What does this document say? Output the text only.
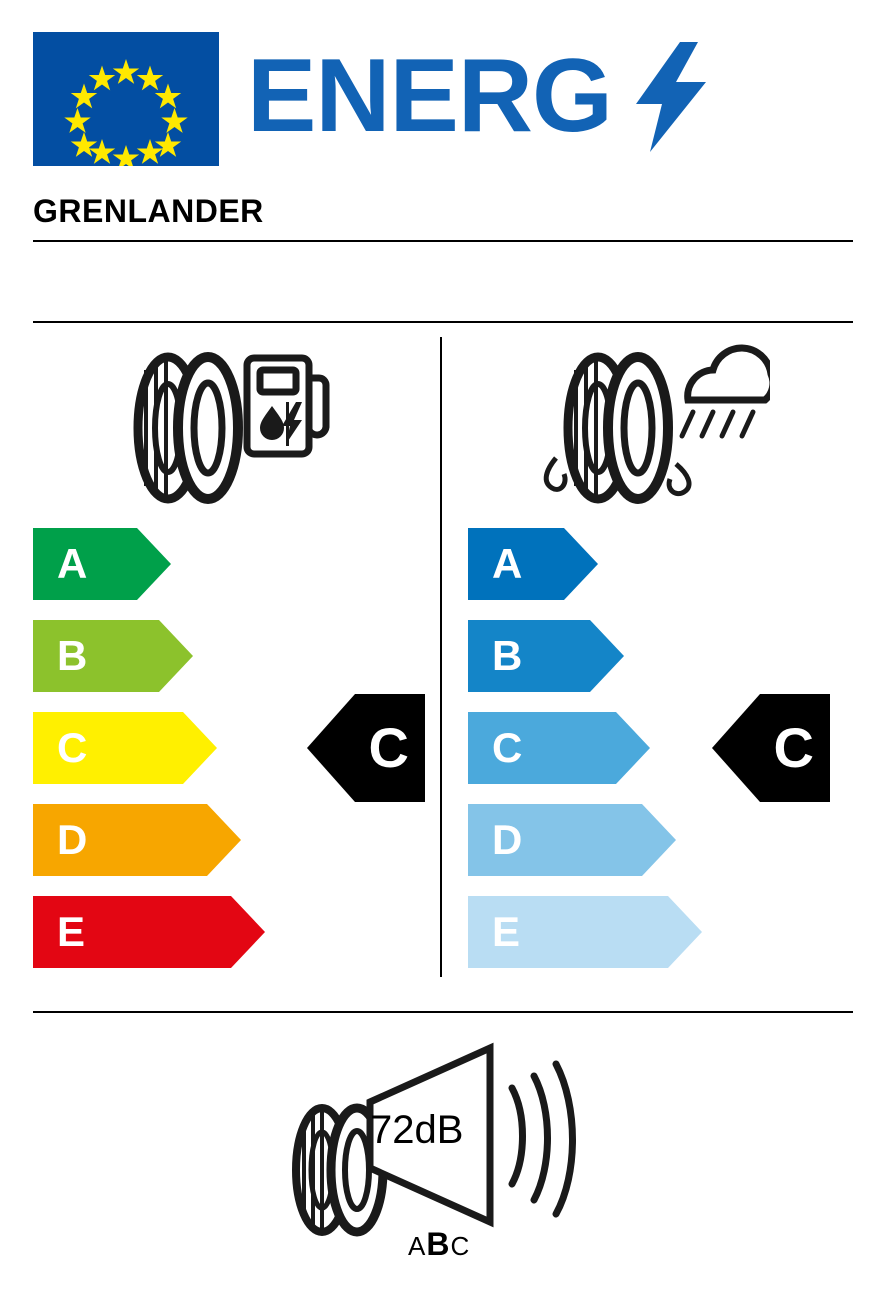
ENERG
GRENLANDER
A
B
C
D
E
C
A
B
C
D
E
C
72dB
ABC
